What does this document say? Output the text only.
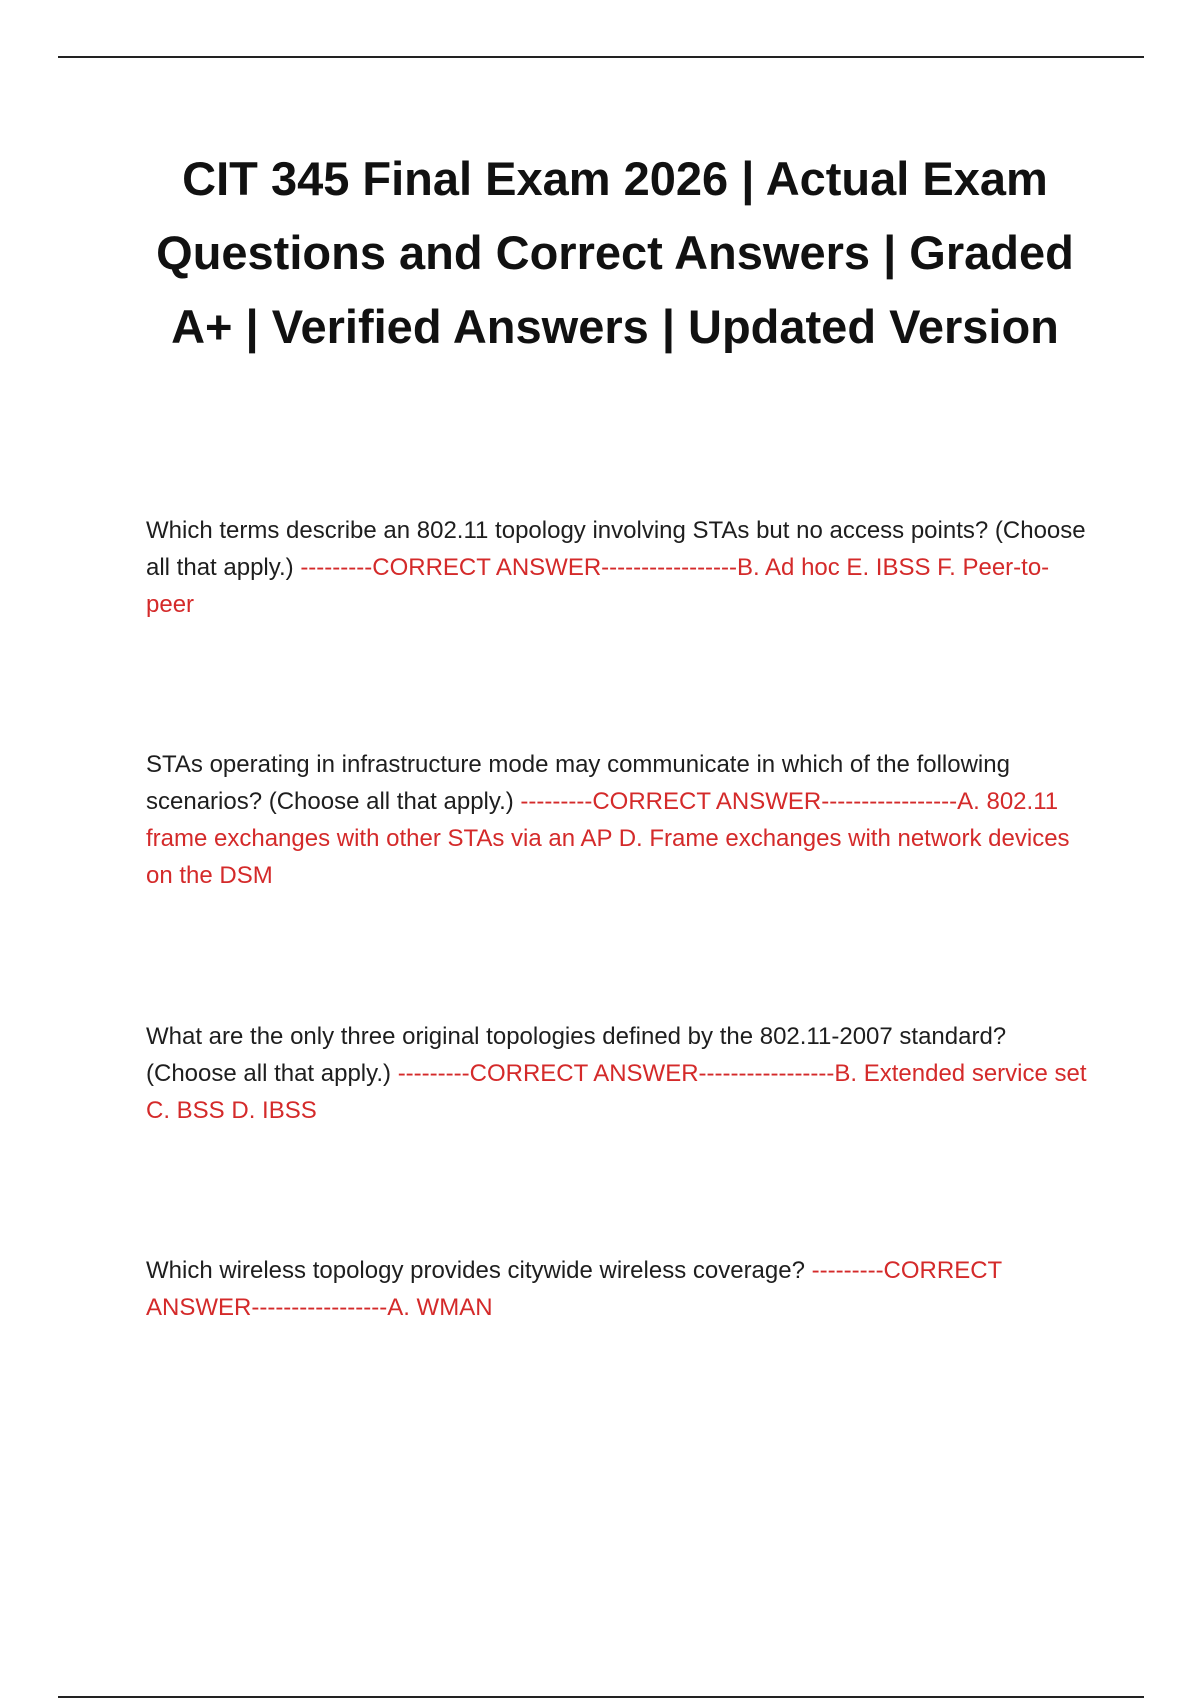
CIT 345 Final Exam 2026 | Actual Exam Questions and Correct Answers | Graded A+ | Verified Answers | Updated Version
Which terms describe an 802.11 topology involving STAs but no access points? (Choose all that apply.) ---------CORRECT ANSWER-----------------B. Ad hoc E. IBSS F. Peer-to-peer
STAs operating in infrastructure mode may communicate in which of the following scenarios? (Choose all that apply.) ---------CORRECT ANSWER-----------------A. 802.11 frame exchanges with other STAs via an AP D. Frame exchanges with network devices on the DSM
What are the only three original topologies defined by the 802.11-2007 standard? (Choose all that apply.) ---------CORRECT ANSWER-----------------B. Extended service set C. BSS D. IBSS
Which wireless topology provides citywide wireless coverage? ---------CORRECT ANSWER-----------------A. WMAN
